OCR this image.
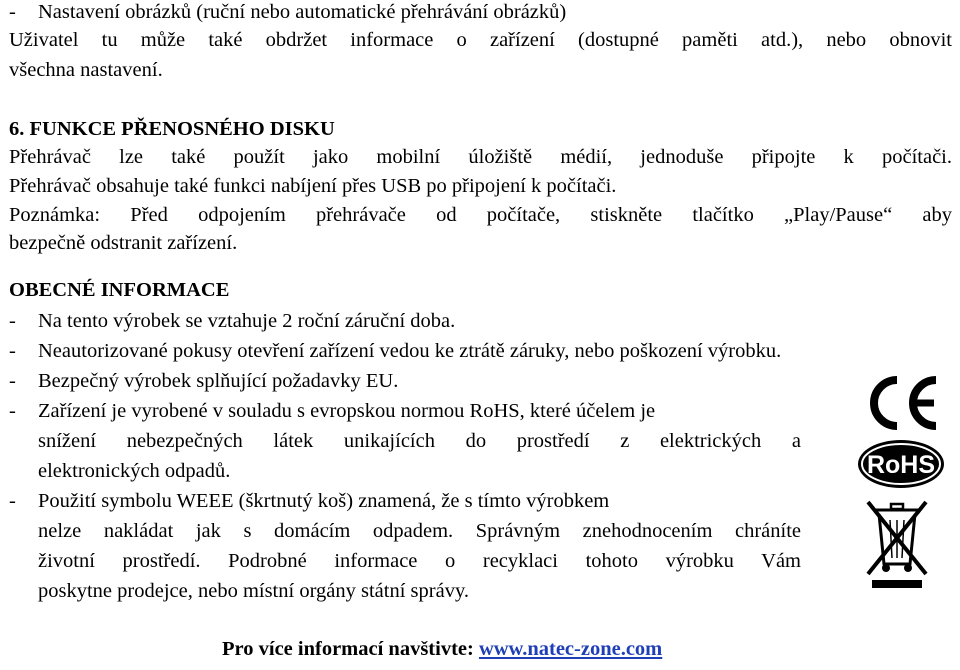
- Nastavení obrázků (ruční nebo automatické přehrávání obrázků)
Uživatel tu může také obdržet informace o zařízení (dostupné paměti atd.), nebo obnovit
všechna nastavení.
6. FUNKCE PŘENOSNÉHO DISKU
Přehrávač lze také použít jako mobilní úložiště médií, jednoduše připojte k počítači.
Přehrávač obsahuje také funkci nabíjení přes USB po připojení k počítači.
Poznámka: Před odpojením přehrávače od počítače, stiskněte tlačítko „Play/Pause“ aby
bezpečně odstranit zařízení.
OBECNÉ INFORMACE
- Na tento výrobek se vztahuje 2 roční záruční doba.
- Neautorizované pokusy otevření zařízení vedou ke ztrátě záruky, nebo poškození výrobku.
- Bezpečný výrobek splňující požadavky EU.
- Zařízení je vyrobené v souladu s evropskou normou RoHS, které účelem je
snížení nebezpečných látek unikajících do prostředí z elektrických a
elektronických odpadů.
- Použití symbolu WEEE (škrtnutý koš) znamená, že s tímto výrobkem
nelze nakládat jak s domácím odpadem. Správným znehodnocením chráníte
životní prostředí. Podrobné informace o recyklaci tohoto výrobku Vám
poskytne prodejce, nebo místní orgány státní správy.
RoHS
Pro více informací navštivte: www.natec-zone.com
